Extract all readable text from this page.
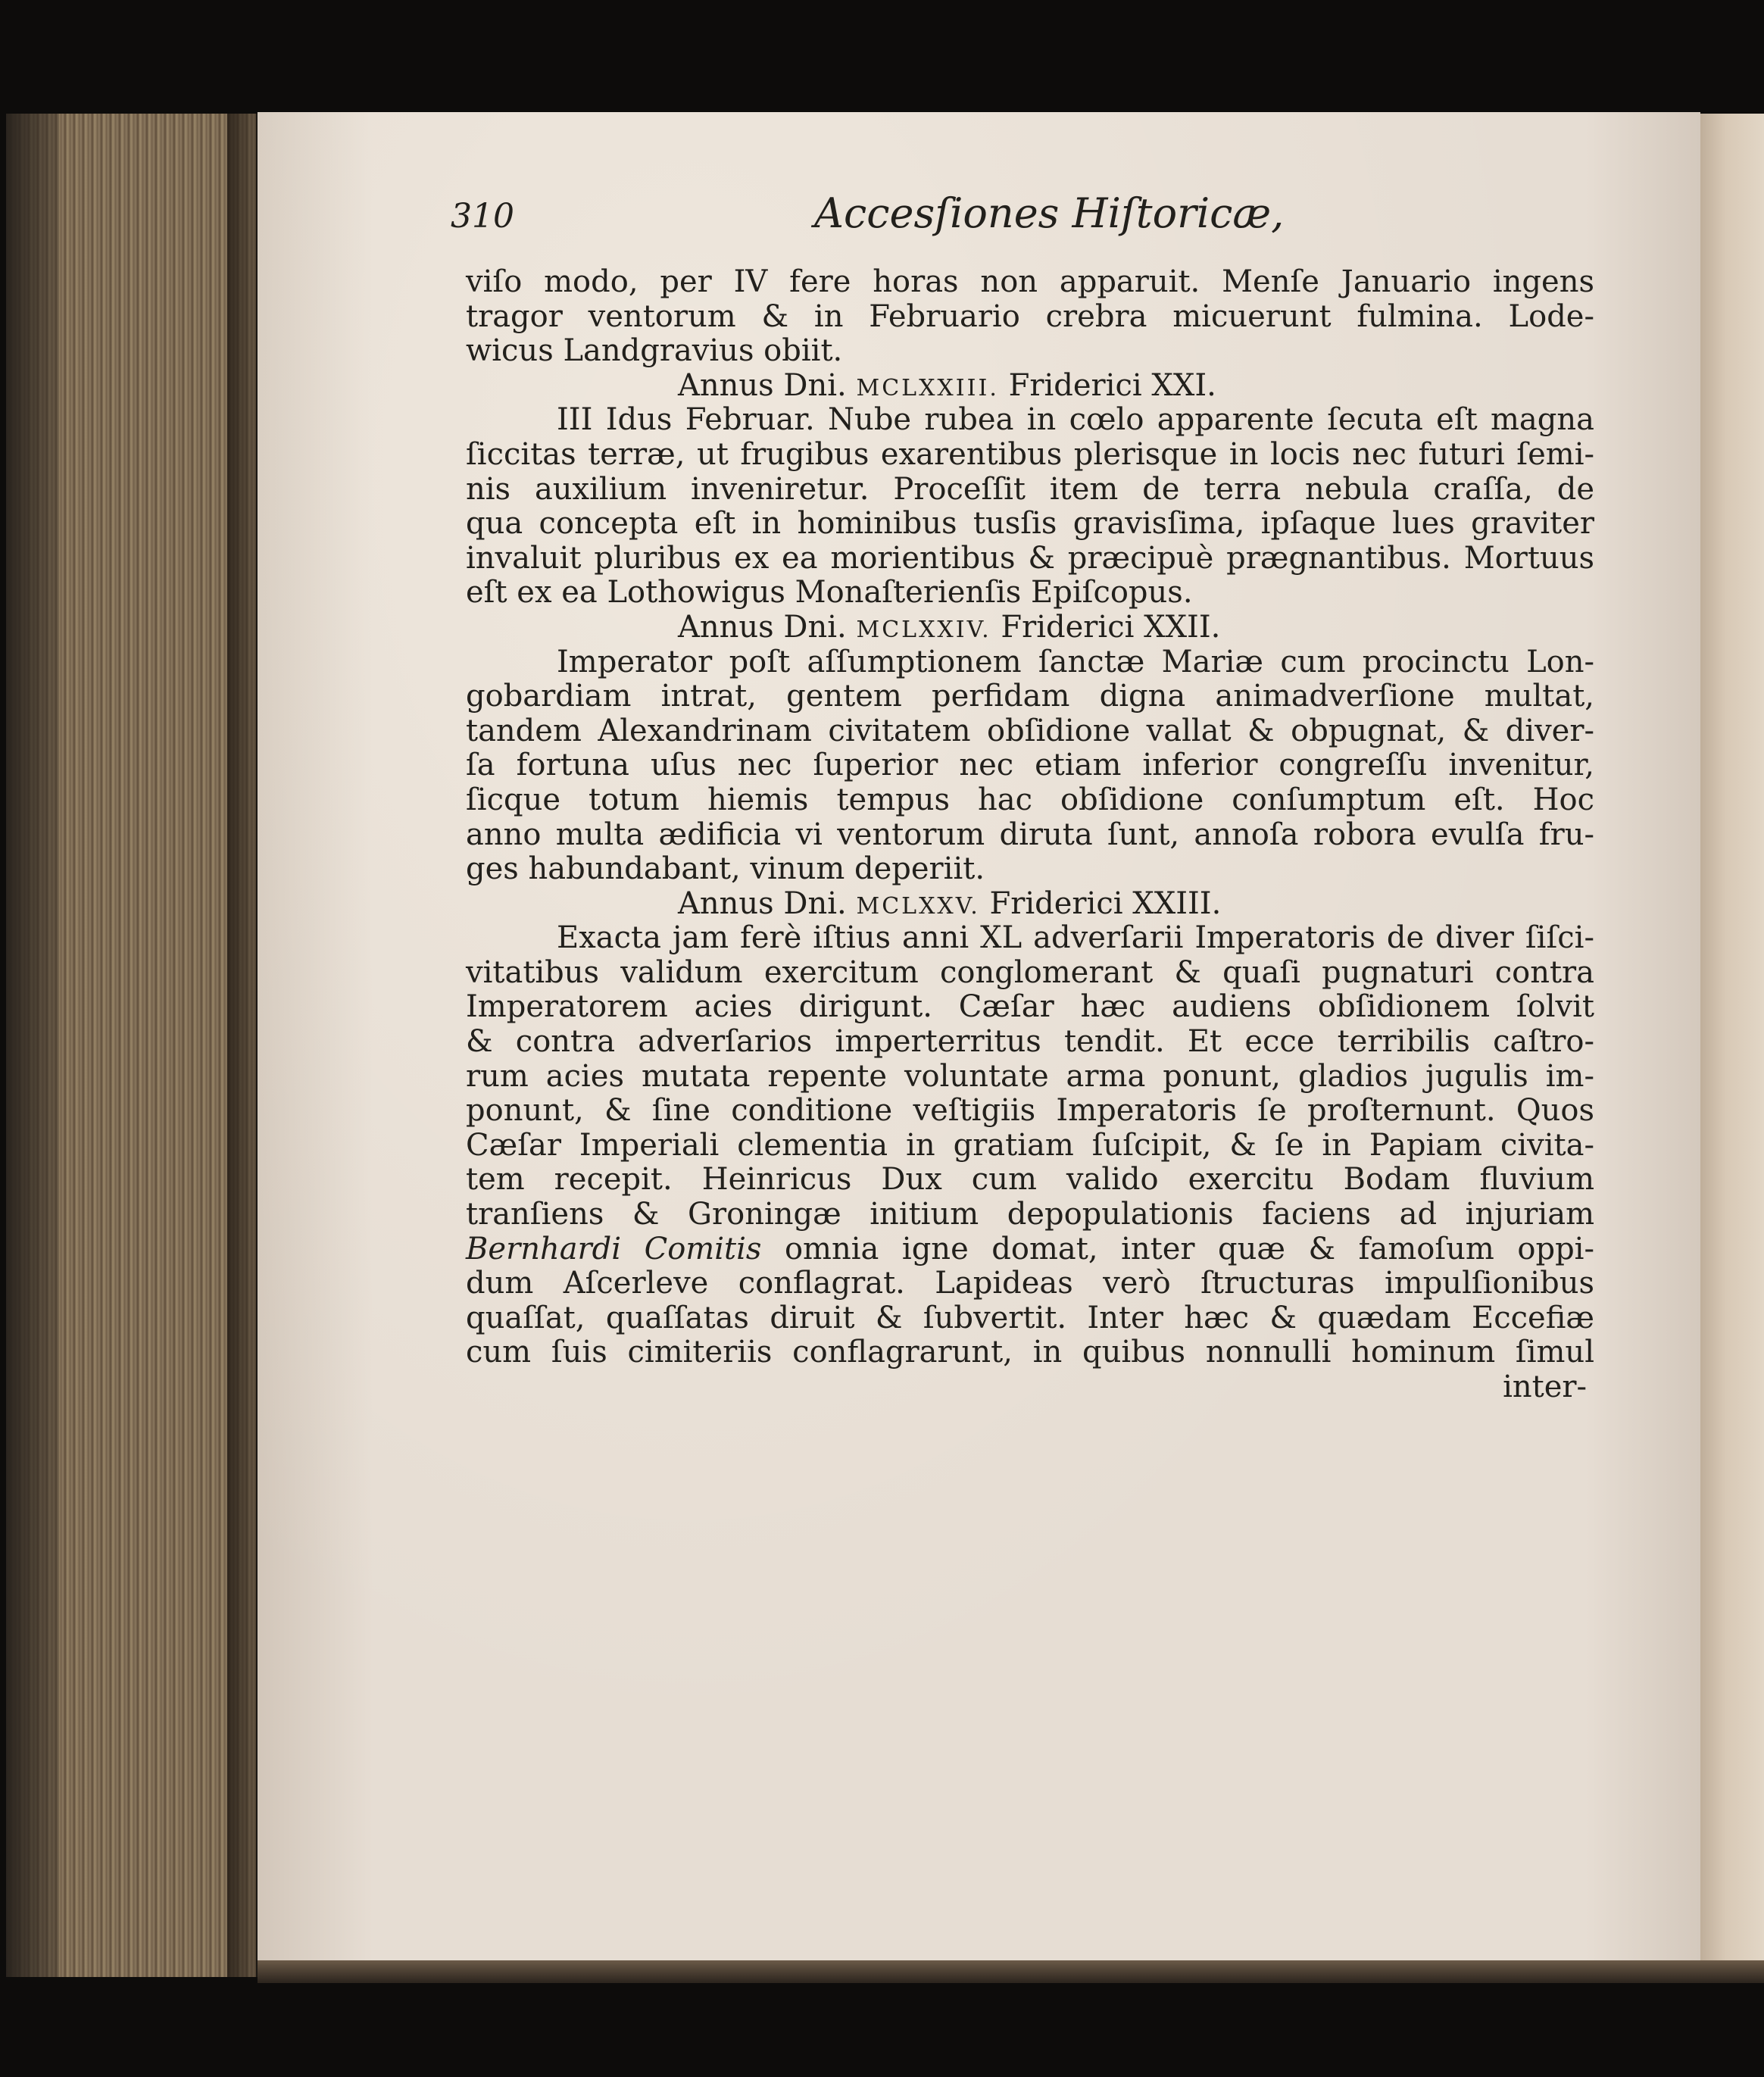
310	Accesſiones Hiſtoricæ,
viſo modo, per IV fere horas non apparuit. Menſe Januario ingens
tragor ventorum & in Februario crebra micuerunt fulmina. Lode-
wicus Landgravius obiit.
Annus Dni. MCLXXIII. Friderici XXI.
III Idus Februar. Nube rubea in cœlo apparente ſecuta eſt magna
ſiccitas terræ, ut frugibus exarentibus plerisque in locis nec futuri ſemi-
nis auxilium inveniretur. Proceſſit item de terra nebula craſſa, de
qua concepta eſt in hominibus tusſis gravisſima, ipſaque lues graviter
invaluit pluribus ex ea morientibus & præcipuè prægnantibus. Mortuus
eſt ex ea Lothowigus Monaſterienſis Epiſcopus.
Annus Dni. MCLXXIV. Friderici XXII.
Imperator poſt aſſumptionem ſanctæ Mariæ cum procinctu Lon-
gobardiam intrat, gentem perfidam digna animadverſione multat,
tandem Alexandrinam civitatem obſidione vallat & obpugnat, & diver-
ſa fortuna uſus nec ſuperior nec etiam inferior congreſſu invenitur,
ſicque totum hiemis tempus hac obſidione conſumptum eſt. Hoc
anno multa ædificia vi ventorum diruta ſunt, annoſa robora evulſa fru-
ges habundabant, vinum deperiit.
Annus Dni. MCLXXV. Friderici XXIII.
Exacta jam ferè iſtius anni XL adverſarii Imperatoris de diver ſiſci-
vitatibus validum exercitum conglomerant & quaſi pugnaturi contra
Imperatorem acies dirigunt. Cæſar hæc audiens obſidionem ſolvit
& contra adverſarios imperterritus tendit. Et ecce terribilis caſtro-
rum acies mutata repente voluntate arma ponunt, gladios jugulis im-
ponunt, & ſine conditione veſtigiis Imperatoris ſe proſternunt. Quos
Cæſar Imperiali clementia in gratiam ſuſcipit, & ſe in Papiam civita-
tem recepit. Heinricus Dux cum valido exercitu Bodam fluvium
tranſiens & Groningæ initium depopulationis faciens ad injuriam
Bernhardi Comitis omnia igne domat, inter quæ & famoſum oppi-
dum Aſcerleve conflagrat. Lapideas verò ſtructuras impulſionibus
quaſſat, quaſſatas diruit & ſubvertit. Inter hæc & quædam Eccefiæ
cum ſuis cimiteriis conflagrarunt, in quibus nonnulli hominum ſimul
inter-
